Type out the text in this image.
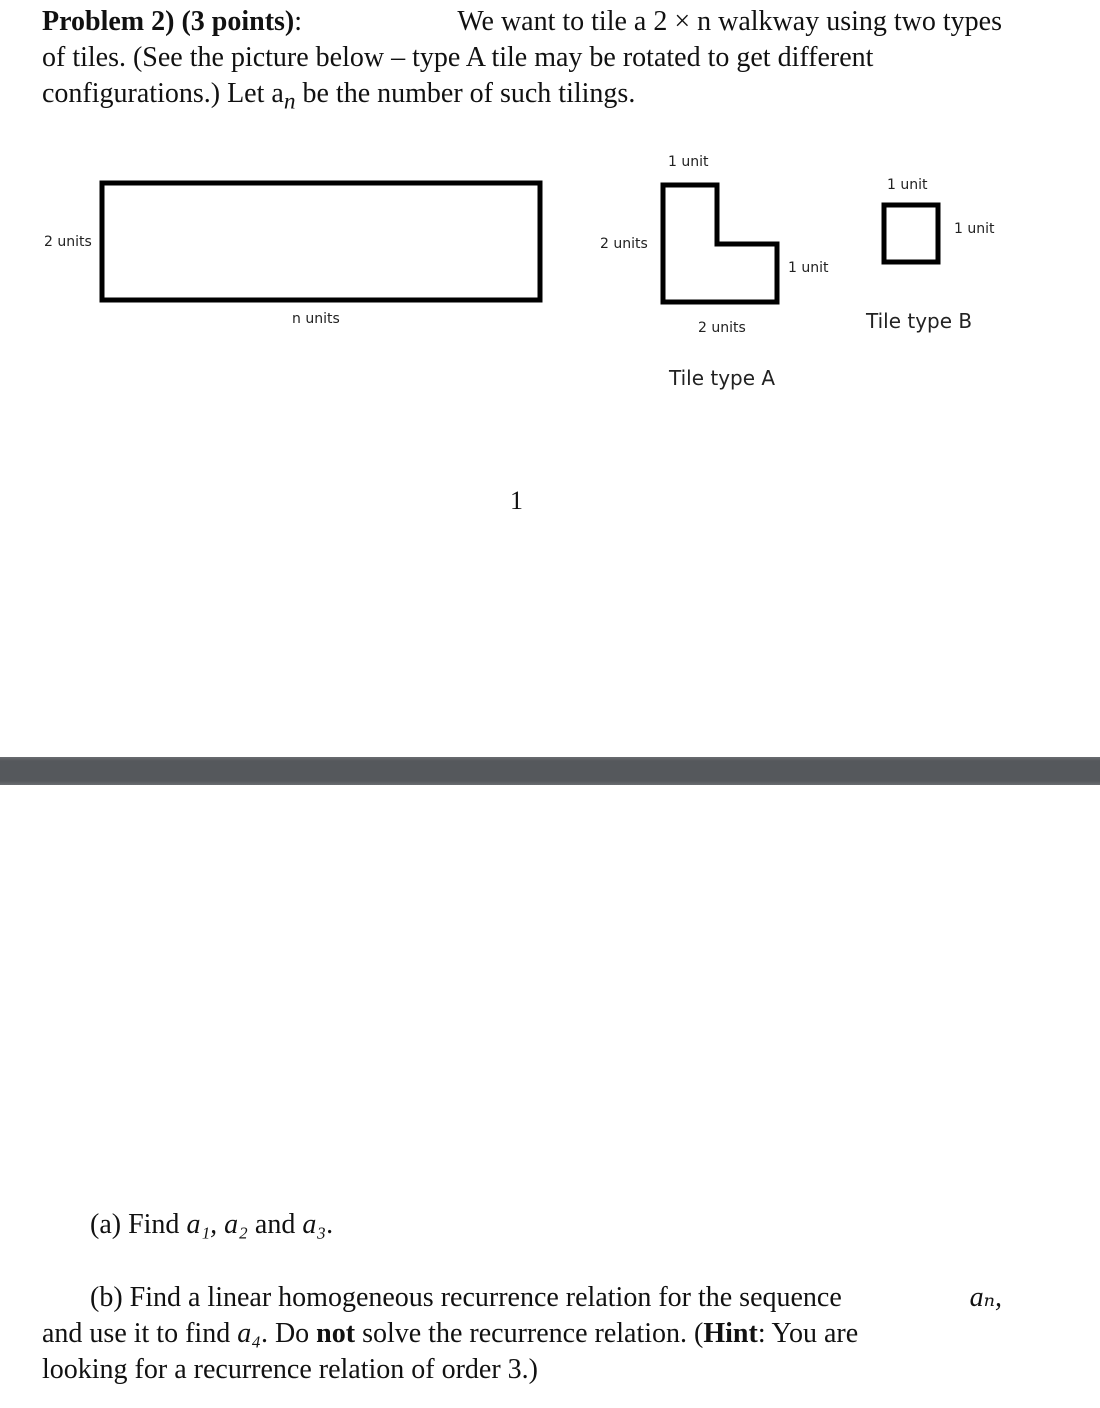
Problem 2) (3 points):	We want to tile a 2 × n walkway using two types
of tiles. (See the picture below – type A tile may be rotated to get different
configurations.) Let $a_n$ be the number of such tilings.
2 units
n units
1 unit
2 units
1 unit
2 units
Tile type A
1 unit
1 unit
Tile type B
1
(a) Find a₁, a₂ and a₃.
(b) Find a linear homogeneous recurrence relation for the sequence	aₙ,
and use it to find a₄. Do not solve the recurrence relation. (Hint: You are
looking for a recurrence relation of order 3.)
